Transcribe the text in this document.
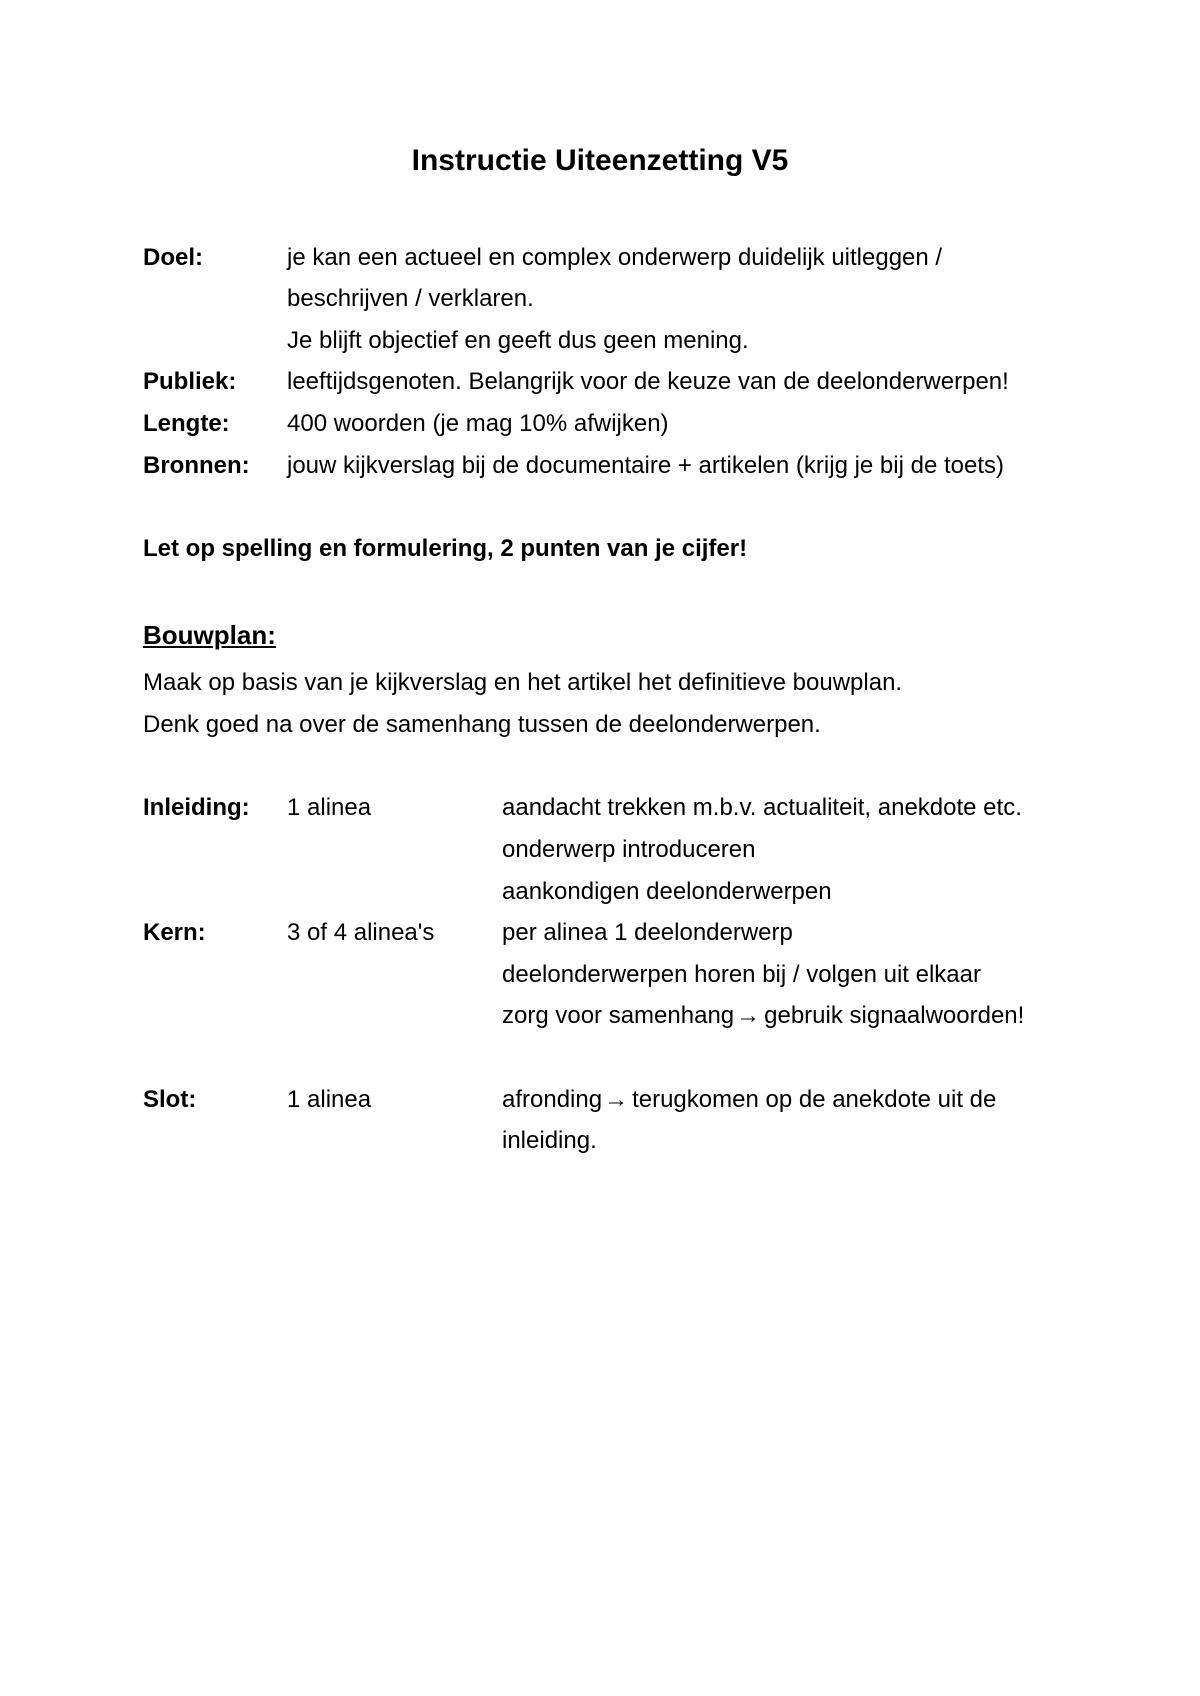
Instructie Uiteenzetting V5
Doel:	je kan een actueel en complex onderwerp duidelijk uitleggen /
beschrijven / verklaren.
Je blijft objectief en geeft dus geen mening.
Publiek: leeftijdsgenoten. Belangrijk voor de keuze van de deelonderwerpen!
Lengte: 400 woorden (je mag 10% afwijken)
Bronnen: jouw kijkverslag bij de documentaire + artikelen (krijg je bij de toets)
Let op spelling en formulering, 2 punten van je cijfer!
Bouwplan:
Maak op basis van je kijkverslag en het artikel het definitieve bouwplan.
Denk goed na over de samenhang tussen de deelonderwerpen.
Inleiding: 1 alinea	aandacht trekken m.b.v. actualiteit, anekdote etc.
onderwerp introduceren
aankondigen deelonderwerpen
Kern:	3 of 4 alinea's	per alinea 1 deelonderwerp
deelonderwerpen horen bij / volgen uit elkaar
zorg voor samenhang→ gebruik signaalwoorden!
Slot:	1 alinea	afronding→ terugkomen op de anekdote uit de
inleiding.
